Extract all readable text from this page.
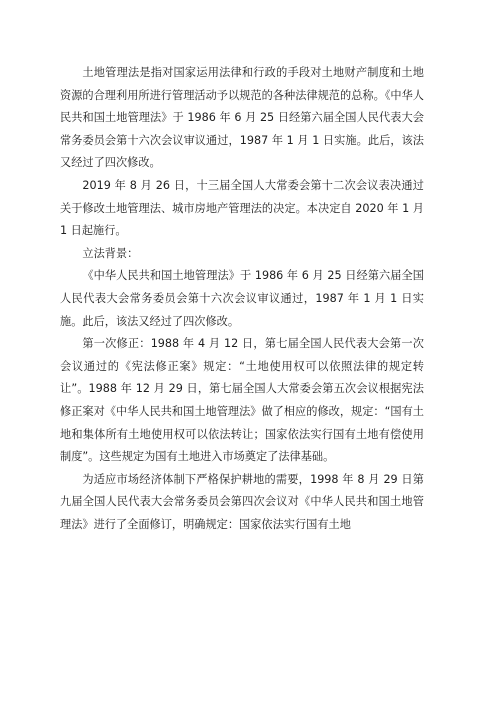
土地管理法是指对国家运用法律和行政的手段对土地财产制度和土地资源的合理利用所进行管理活动予以规范的各种法律规范的总称。《中华人民共和国土地管理法》于 1986 年 6 月 25 日经第六届全国人民代表大会常务委员会第十六次会议审议通过，1987 年 1 月 1 日实施。此后，该法又经过了四次修改。

2019 年 8 月 26 日，十三届全国人大常委会第十二次会议表决通过关于修改土地管理法、城市房地产管理法的决定。本决定自 2020 年 1 月 1 日起施行。

立法背景：

《中华人民共和国土地管理法》于 1986 年 6 月 25 日经第六届全国人民代表大会常务委员会第十六次会议审议通过，1987 年 1 月 1 日实施。此后，该法又经过了四次修改。

第一次修正：1988 年 4 月 12 日，第七届全国人民代表大会第一次会议通过的《宪法修正案》规定：“土地使用权可以依照法律的规定转让”。1988 年 12 月 29 日，第七届全国人大常委会第五次会议根据宪法修正案对《中华人民共和国土地管理法》做了相应的修改，规定：“国有土地和集体所有土地使用权可以依法转让；国家依法实行国有土地有偿使用制度”。这些规定为国有土地进入市场奠定了法律基础。

为适应市场经济体制下严格保护耕地的需要，1998 年 8 月 29 日第九届全国人民代表大会常务委员会第四次会议对《中华人民共和国土地管理法》进行了全面修订，明确规定：国家依法实行国有土地
